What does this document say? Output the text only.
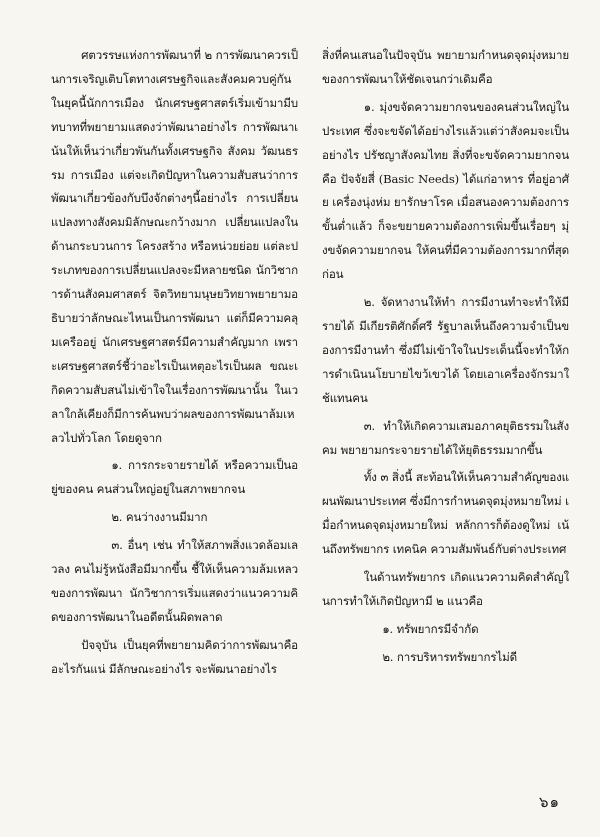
ศตวรรษแห่งการพัฒนาที่ ๒ การพัฒนาควรเป็นการเจริญเติบโตทางเศรษฐกิจและสังคมควบคู่กัน ในยุคนี้นักการเมือง นักเศรษฐศาสตร์เริ่มเข้ามามีบทบาทที่พยายามแสดงว่าพัฒนาอย่างไร การพัฒนาเน้นให้เห็นว่าเกี่ยวพันกันทั้งเศรษฐกิจ สังคม วัฒนธรรม การเมือง แต่จะเกิดปัญหาในความสับสนว่าการพัฒนาเกี่ยวข้องกับบึงจักต่างๆนี้อย่างไร การเปลี่ยนแปลงทางสังคมมิลักษณะกว้างมาก เปลี่ยนแปลงในด้านกระบวนการ โครงสร้าง หรือหน่วยย่อย แต่ละประเภทของการเปลี่ยนแปลงจะมีหลายชนิด นักวิชาการด้านสังคมศาสตร์ จิตวิทยามนุษยวิทยาพยายามอธิบายว่าลักษณะไหนเป็นการพัฒนา แต่ก็มีความคลุมเครืออยู่ นักเศรษฐศาสตร์มีความสำคัญมาก เพราะเศรษฐศาสตร์ชี้ว่าอะไรเป็นเหตุอะไรเป็นผล ขณะเกิดความสับสนไม่เข้าใจในเรื่องการพัฒนานั้น ในเวลาใกล้เคียงก็มีการค้นพบว่าผลของการพัฒนาล้มเหลวไปทั่วโลก โดยดูจาก

๑. การกระจายรายได้ หรือความเป็นอยู่ของคน คนส่วนใหญ่อยู่ในสภาพยากจน

๒. คนว่างงานมีมาก

๓. อื่นๆ เช่น ทำให้สภาพสิ่งแวดล้อมเลวลง คนไม่รู้หนังสือมีมากขึ้น ชี้ให้เห็นความล้มเหลวของการพัฒนา นักวิชาการเริ่มแสดงว่าแนวความคิดของการพัฒนาในอดีตนั้นผิดพลาด

ปัจจุบัน เป็นยุคที่พยายามคิดว่าการพัฒนาคืออะไรกันแน่ มีลักษณะอย่างไร จะพัฒนาอย่างไร

สิ่งที่คนเสนอในปัจจุบัน พยายามกำหนดจุดมุ่งหมายของการพัฒนาให้ชัดเจนกว่าเดิมคือ

๑. มุ่งขจัดความยากจนของคนส่วนใหญ่ในประเทศ ซึ่งจะขจัดได้อย่างไรแล้วแต่ว่าสังคมจะเป็นอย่างไร ปรัชญาสังคมไทย สิ่งที่จะขจัดความยากจนคือ ปัจจัยสี่ (Basic Needs) ได้แก่อาหาร ที่อยู่อาศัย เครื่องนุ่งห่ม ยารักษาโรค เมื่อสนองความต้องการขั้นต่ำแล้ว ก็จะขยายความต้องการเพิ่มขึ้นเรื่อยๆ มุ่งขจัดความยากจน ให้คนที่มีความต้องการมากที่สุดก่อน

๒. จัดหางานให้ทำ การมีงานทำจะทำให้มีรายได้ มีเกียรติศักดิ์ศรี รัฐบาลเห็นถึงความจำเป็นของการมีงานทำ ซึ่งมีไม่เข้าใจในประเด็นนี้จะทำให้การดำเนินนโยบายไขว้เขวได้ โดยเอาเครื่องจักรมาใช้แทนคน

๓. ทำให้เกิดความเสมอภาคยุติธรรมในสังคม พยายามกระจายรายได้ให้ยุติธรรมมากขึ้น

ทั้ง ๓ สิ่งนี้ สะท้อนให้เห็นความสำคัญของแผนพัฒนาประเทศ ซึ่งมีการกำหนดจุดมุ่งหมายใหม่ เมื่อกำหนดจุดมุ่งหมายใหม่ หลักการก็ต้องดูใหม่ เน้นถึงทรัพยากร เทคนิค ความสัมพันธ์กับต่างประเทศ

ในด้านทรัพยากร เกิดแนวความคิดสำคัญในการทำให้เกิดปัญหามี ๒ แนวคือ

๑. ทรัพยากรมีจำกัด

๒. การบริหารทรัพยากรไม่ดี

๖๑
